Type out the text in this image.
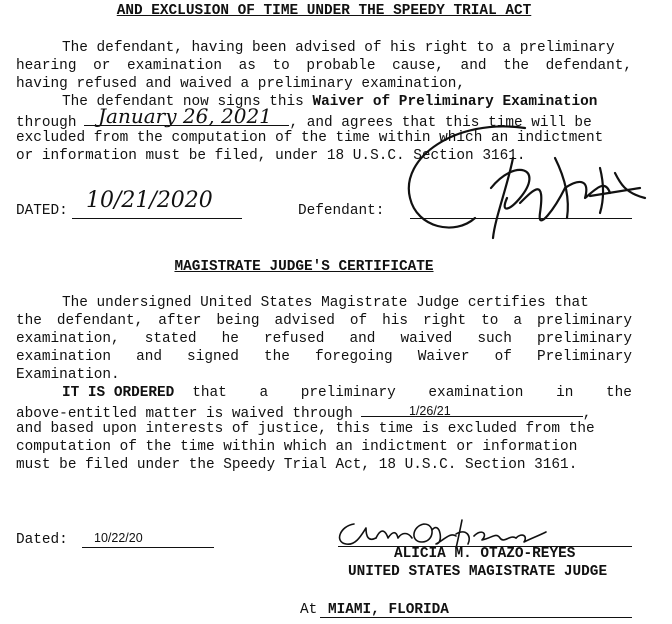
AND EXCLUSION OF TIME UNDER THE SPEEDY TRIAL ACT
The defendant, having been advised of his right to a preliminary
hearing or examination as to probable cause, and the defendant,
having refused and waived a preliminary examination,
The defendant now signs this Waiver of Preliminary Examination
through	, and agrees that this time will be
January 26, 2021
excluded from the computation of the time within which an indictment
or information must be filed, under 18 U.S.C. Section 3161.
DATED: 10/21/2020	Defendant:
MAGISTRATE JUDGE'S CERTIFICATE
The undersigned United States Magistrate Judge certifies that
the defendant, after being advised of his right to a preliminary
examination, stated he refused and waived such preliminary
examination and signed the foregoing Waiver of Preliminary
Examination.
IT IS ORDERED that a preliminary examination in the
above-entitled matter is waived through	,
1/26/21
and based upon interests of justice, this time is excluded from the
computation of the time within which an indictment or information
must be filed under the Speedy Trial Act, 18 U.S.C. Section 3161.
Dated:	10/22/20
ALICIA M. OTAZO-REYES
UNITED STATES MAGISTRATE JUDGE
At MIAMI, FLORIDA
